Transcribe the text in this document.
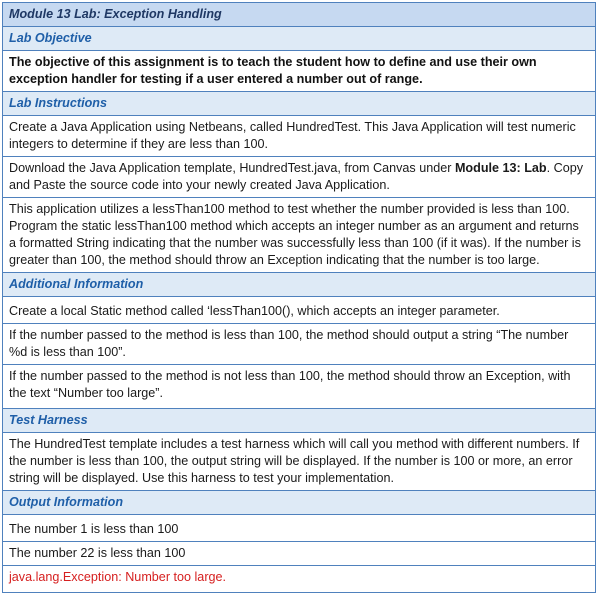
Module 13 Lab: Exception Handling
Lab Objective
The objective of this assignment is to teach the student how to define and use their own exception handler for testing if a user entered a number out of range.
Lab Instructions
Create a Java Application using Netbeans, called HundredTest. This Java Application will test numeric integers to determine if they are less than 100.
Download the Java Application template, HundredTest.java, from Canvas under Module 13: Lab. Copy and Paste the source code into your newly created Java Application.
This application utilizes a lessThan100 method to test whether the number provided is less than 100. Program the static lessThan100 method which accepts an integer number as an argument and returns a formatted String indicating that the number was successfully less than 100 (if it was). If the number is greater than 100, the method should throw an Exception indicating that the number is too large.
Additional Information

Create a local Static method called ‘lessThan100(), which accepts an integer parameter.

If the number passed to the method is less than 100, the method should output a string “The number %d is less than 100”.

If the number passed to the method is not less than 100, the method should throw an Exception, with the text “Number too large”.

Test Harness
The HundredTest template includes a test harness which will call you method with different numbers. If the number is less than 100, the output string will be displayed. If the number is 100 or more, an error string will be displayed. Use this harness to test your implementation.
Output Information

The number 1 is less than 100

The number 22 is less than 100

java.lang.Exception: Number too large.
